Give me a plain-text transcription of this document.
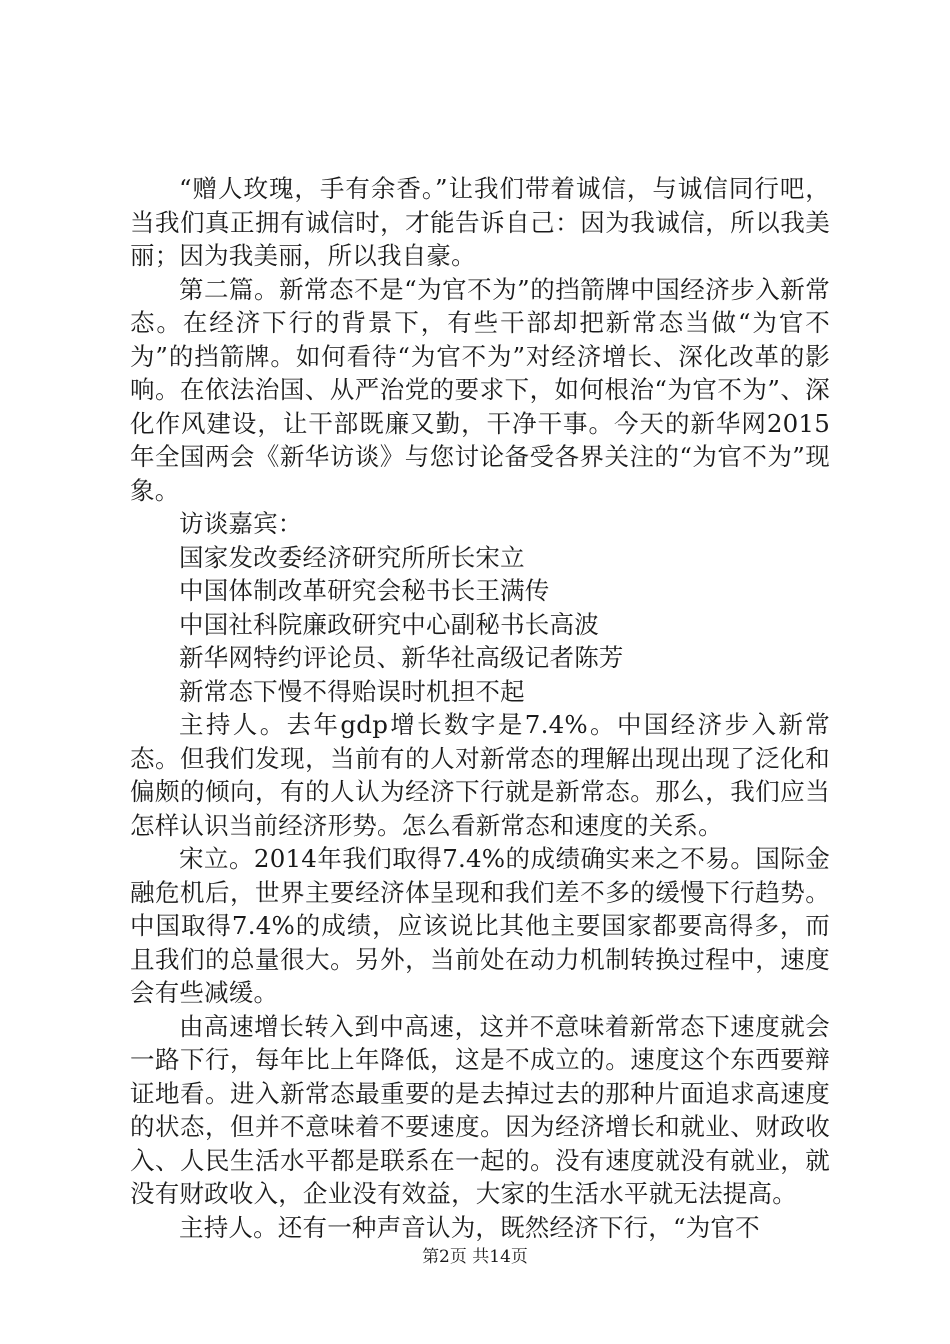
“赠人玫瑰，手有余香。”让我们带着诚信，与诚信同行吧，当我们真正拥有诚信时，才能告诉自己：因为我诚信，所以我美丽；因为我美丽，所以我自豪。

第二篇。新常态不是“为官不为”的挡箭牌中国经济步入新常态。在经济下行的背景下，有些干部却把新常态当做“为官不为”的挡箭牌。如何看待“为官不为”对经济增长、深化改革的影响。在依法治国、从严治党的要求下，如何根治“为官不为”、深化作风建设，让干部既廉又勤，干净干事。今天的新华网2015年全国两会《新华访谈》与您讨论备受各界关注的“为官不为”现象。

访谈嘉宾：

国家发改委经济研究所所长宋立

中国体制改革研究会秘书长王满传

中国社科院廉政研究中心副秘书长高波

新华网特约评论员、新华社高级记者陈芳

新常态下慢不得贻误时机担不起

主持人。去年gdp增长数字是7.4%。中国经济步入新常态。但我们发现，当前有的人对新常态的理解出现出现了泛化和偏颇的倾向，有的人认为经济下行就是新常态。那么，我们应当怎样认识当前经济形势。怎么看新常态和速度的关系。

宋立。2014年我们取得7.4%的成绩确实来之不易。国际金融危机后，世界主要经济体呈现和我们差不多的缓慢下行趋势。中国取得7.4%的成绩，应该说比其他主要国家都要高得多，而且我们的总量很大。另外，当前处在动力机制转换过程中，速度会有些减缓。

由高速增长转入到中高速，这并不意味着新常态下速度就会一路下行，每年比上年降低，这是不成立的。速度这个东西要辩证地看。进入新常态最重要的是去掉过去的那种片面追求高速度的状态，但并不意味着不要速度。因为经济增长和就业、财政收入、人民生活水平都是联系在一起的。没有速度就没有就业，就没有财政收入，企业没有效益，大家的生活水平就无法提高。

主持人。还有一种声音认为，既然经济下行，“为官不

第2页 共14页
